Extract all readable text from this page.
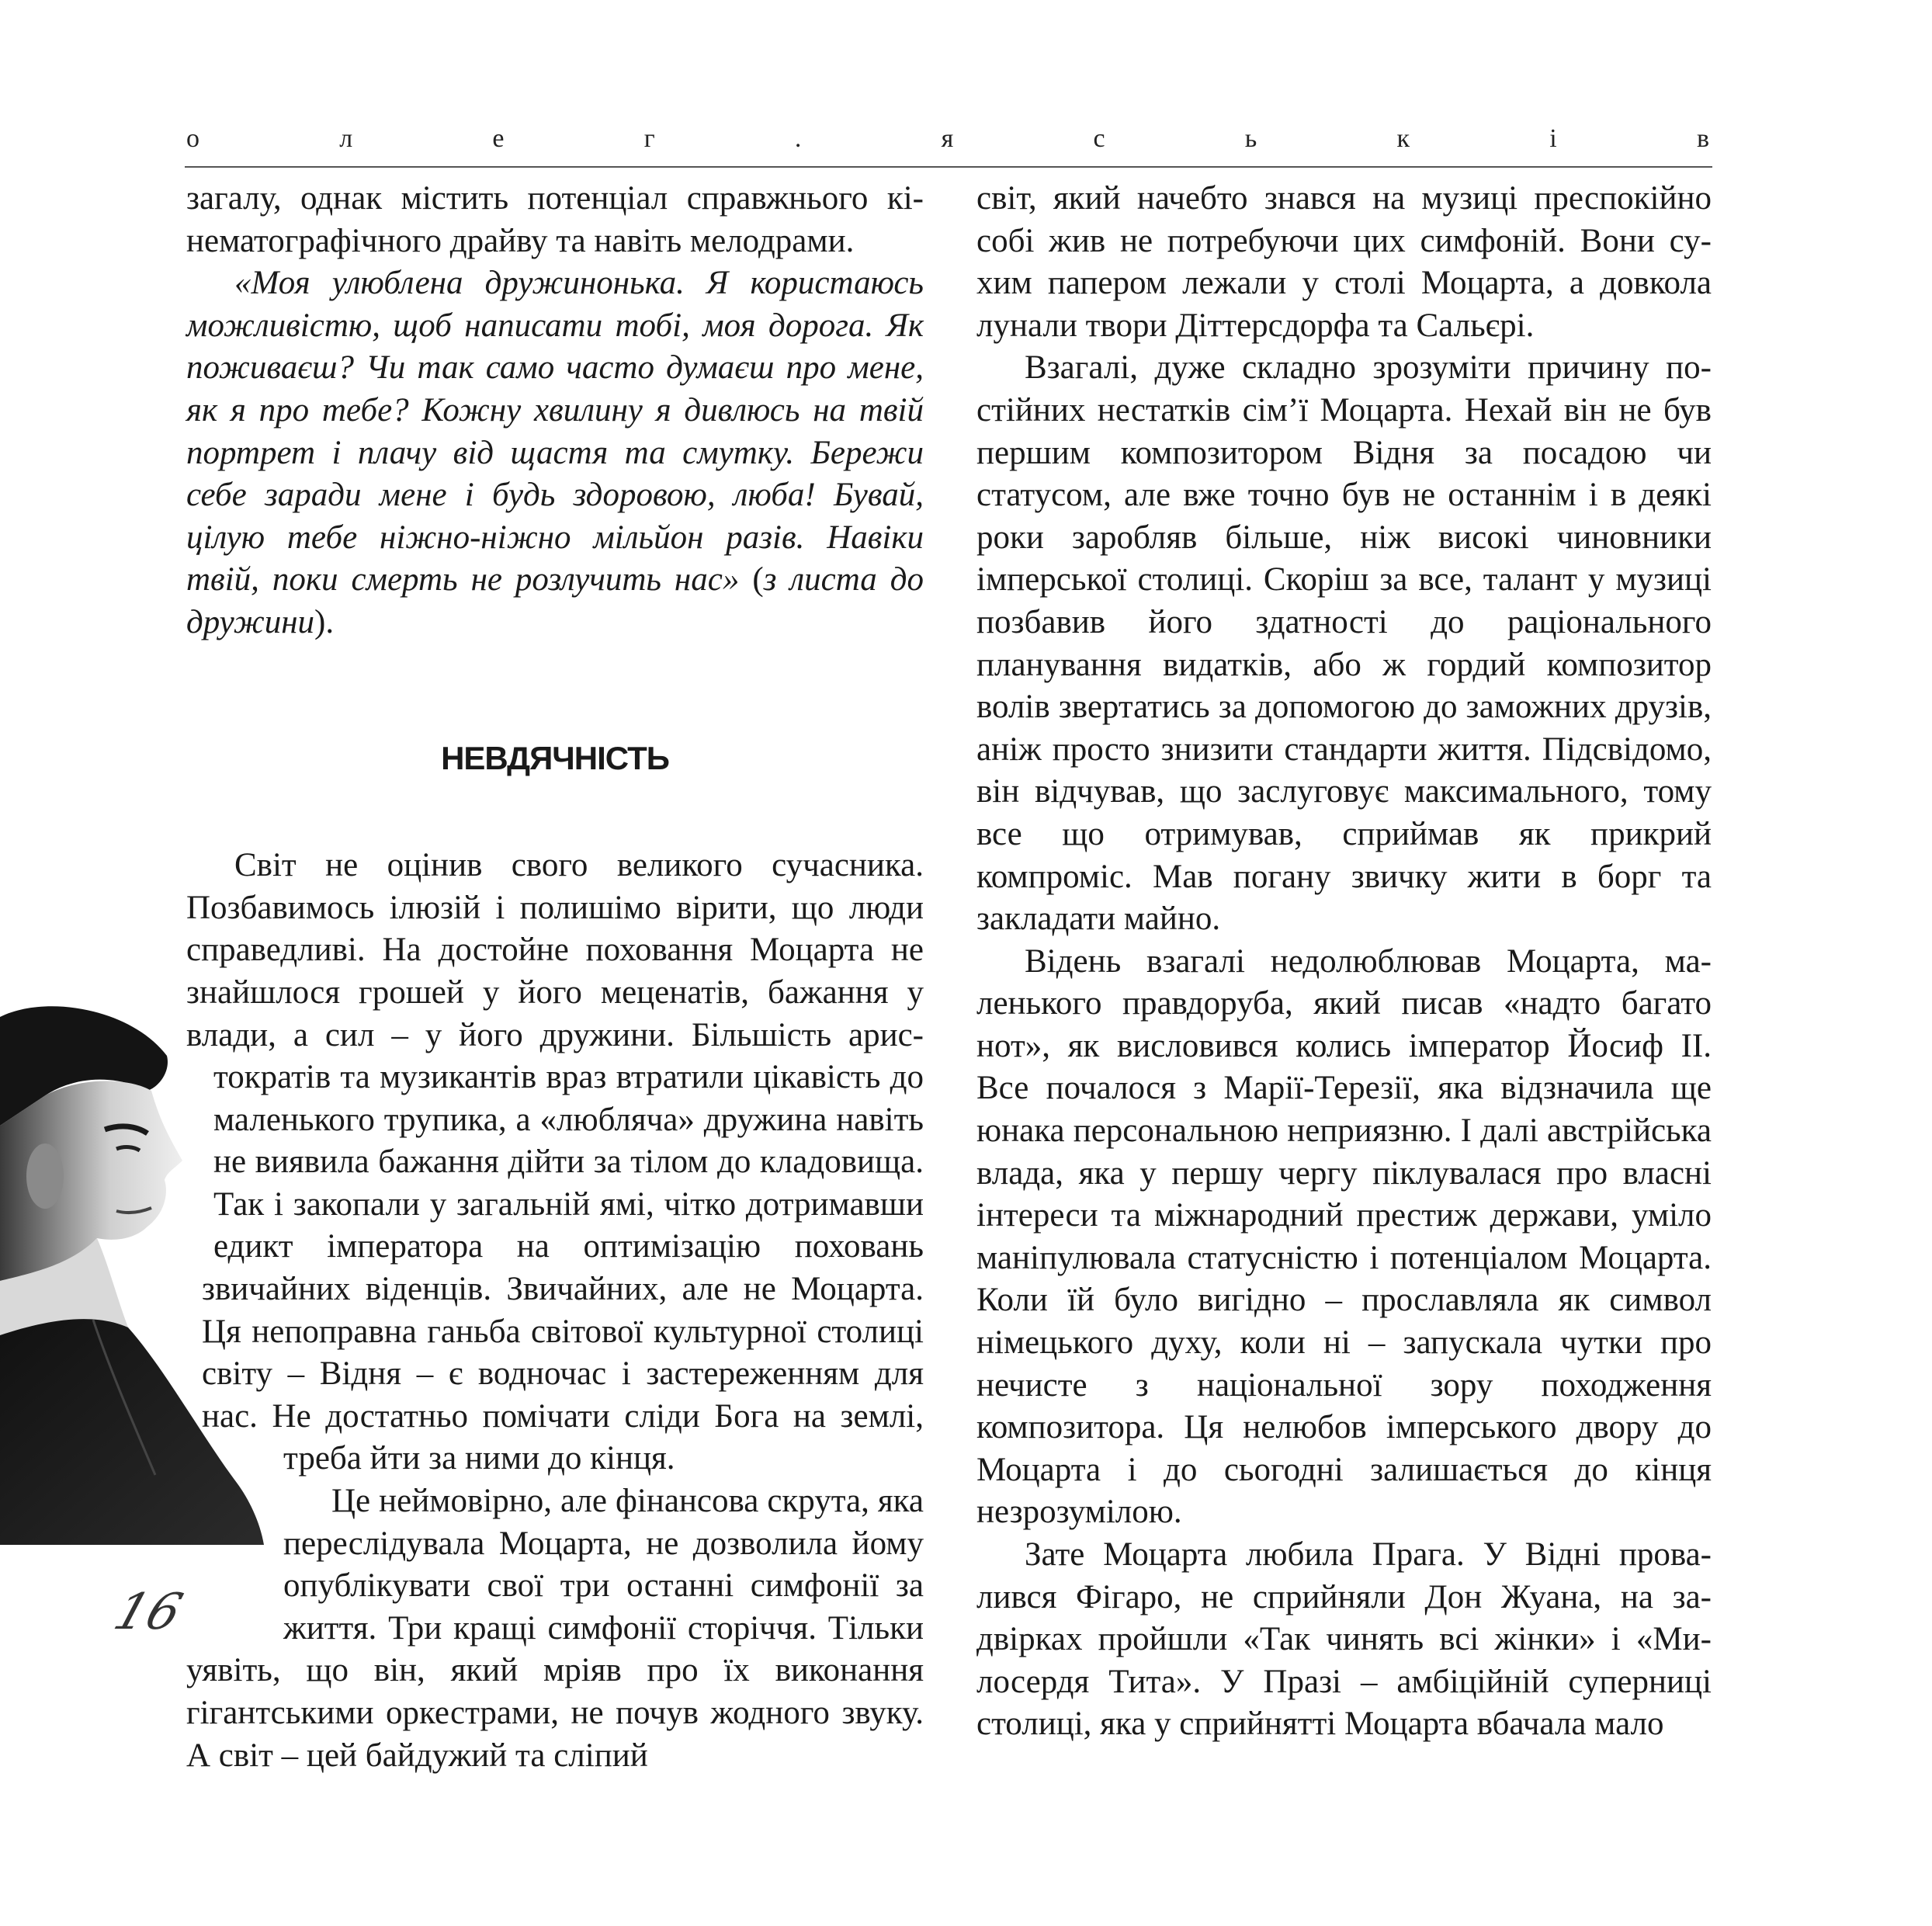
о	л	е	г	.	я	с	ь	к	і	в
16

загалу, однак містить потенціал справжнього кінематографічного драйву та навіть мелодрами.

«Моя улюблена дружинонька. Я користаюсь можливістю, щоб написати тобі, моя дорога. Як поживаєш? Чи так само часто думаєш про мене, як я про тебе? Кожну хвилину я дивлюсь на твій портрет і плачу від щастя та смутку. Бережи себе заради мене і будь здоровою, люба! Бувай, цілую тебе ніжно-ніжно мільйон разів. Навіки твій, поки смерть не розлучить нас» (з листа до дружини).

НЕВДЯЧНІСТЬ

Світ не оцінив свого великого сучасника. Позбавимось ілюзій і полишімо вірити, що люди справедливі. На достойне поховання Моцарта не знайшлося грошей у його меценатів, бажання у влади, а сил – у його дружини. Більшість аристократів та музикантів враз втратили цікавість до маленького трупика, а «любляча» дружина навіть не виявила бажання дійти за тілом до кладовища. Так і закопали у загальній ямі, чітко дотримавши едикт імператора на оптимізацію поховань звичайних віденців. Звичайних, але не Моцарта. Ця непоправна ганьба світової культурної столиці світу – Відня – є водночас і застереженням для нас. Не достатньо помічати сліди Бога на землі, треба йти за ними до кінця.

Це неймовірно, але фінансова скрута, яка переслідувала Моцарта, не дозволила йому опублікувати свої три останні симфонії за життя. Три кращі симфонії сторіччя. Тільки уявіть, що він, який мріяв про їх виконання гігантськими оркестрами, не почув жодного звуку. А світ – цей байдужий та сліпий

світ, який начебто знався на музиці преспокійно собі жив не потребуючи цих симфоній. Вони сухим папером лежали у столі Моцарта, а довкола лунали твори Діттерсдорфа та Сальєрі.

Взагалі, дуже складно зрозуміти причину постійних нестатків сім’ї Моцарта. Нехай він не був першим композитором Відня за посадою чи статусом, але вже точно був не останнім і в деякі роки заробляв більше, ніж високі чиновники імперської столиці. Скоріш за все, талант у музиці позбавив його здатності до раціонального планування видатків, або ж гордий композитор волів звертатись за допомогою до заможних друзів, аніж просто знизити стандарти життя. Підсвідомо, він відчував, що заслуговує максимального, тому все що отримував, сприймав як прикрий компроміс. Мав погану звичку жити в борг та закладати майно.

Відень взагалі недолюблював Моцарта, маленького правдоруба, який писав «надто багато нот», як висловився колись імператор Йосиф ІІ. Все почалося з Марії-Терезії, яка відзначила ще юнака персональною неприязню. І далі австрійська влада, яка у першу чергу піклувалася про власні інтереси та міжнародний престиж держави, уміло маніпулювала статусністю і потенціалом Моцарта. Коли їй було вигідно – прославляла як символ німецького духу, коли ні – запускала чутки про нечисте з національної зору походження композитора. Ця нелюбов імперського двору до Моцарта і до сьогодні залишається до кінця незрозумілою.

Зате Моцарта любила Прага. У Відні провалився Фігаро, не сприйняли Дон Жуана, на задвірках пройшли «Так чинять всі жінки» і «Милосердя Тита». У Празі – амбіційній суперниці столиці, яка у сприйнятті Моцарта вбачала мало
